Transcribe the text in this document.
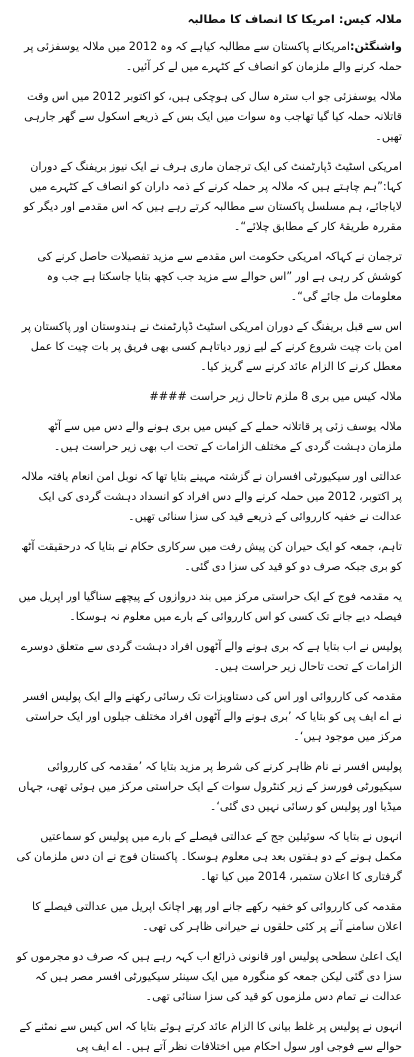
ملالہ کیس: امریکا کا انصاف کا مطالبہ

واشنگٹن:امریکانے پاکستان سے مطالبہ کیاہے کہ وہ 2012 میں ملالہ یوسفزئی پر حملہ کرنے والے ملزمان کو انصاف کے کٹہرے میں لے کر آئیں۔

ملالہ یوسفزئی جو اب سترہ سال کی ہوچکی ہیں، کو اکتوبر 2012 میں اس وقت قاتلانہ حملہ کیا گیا تھاجب وہ سوات میں ایک بس کے ذریعے اسکول سے گھر جارہی تھیں۔

امریکی اسٹیٹ ڈپارٹمنٹ کی ایک ترجمان ماری ہرف نے ایک نیوز بریفنگ کے دوران کہا:”ہم چاہتے ہیں کہ ملالہ پر حملہ کرنے کے ذمہ داران کو انصاف کے کٹہرے میں لایاجائے، ہم مسلسل پاکستان سے مطالبہ کرتے رہے ہیں کہ اس مقدمے اور دیگر کو مقررہ طریقۂ کار کے مطابق چلائے“۔

ترجمان نے کہاکہ امریکی حکومت اس مقدمے سے مزید تفصیلات حاصل کرنے کی کوشش کر رہی ہے اور ”اس حوالے سے مزید جب کچھ بتایا جاسکتا ہے جب وہ معلومات مل جائے گی“۔

اس سے قبل بریفنگ کے دوران امریکی اسٹیٹ ڈپارٹمنٹ نے ہندوستان اور پاکستان پر امن بات چیت شروع کرنے کے لیے زور دیاتاہم کسی بھی فریق پر بات چیت کا عمل معطل کرنے کا الزام عائد کرنے سے گریز کیا۔

ملالہ کیس میں بری 8 ملزم تاحال زیر حراست ####

ملالہ یوسف زئی پر قاتلانہ حملے کے کیس میں بری ہونے والے دس میں سے آٹھ ملزمان دہشت گردی کے مختلف الزامات کے تحت اب بھی زیر حراست ہیں۔

عدالتی اور سیکیورٹی افسران نے گزشتہ مہینے بتایا تھا کہ نوبل امن انعام یافتہ ملالہ پر اکتوبر، 2012 میں حملہ کرنے والے دس افراد کو انسداد دہشت گردی کی ایک عدالت نے خفیہ کارروائی کے ذریعے قید کی سزا سنائی تھیں۔

تاہم، جمعہ کو ایک حیران کن پیش رفت میں سرکاری حکام نے بتایا کہ درحقیقت آٹھ کو بری جبکہ صرف دو کو قید کی سزا دی گئی۔

یہ مقدمہ فوج کے ایک حراستی مرکز میں بند دروازوں کے پیچھے سناگیا اور اپریل میں فیصلہ دیے جانے تک کسی کو اس کارروائی کے بارے میں معلوم نہ ہوسکا۔

پولیس نے اب بتایا ہے کہ بری ہونے والے آٹھوں افراد دہشت گردی سے متعلق دوسرے الزامات کے تحت تاحال زیر حراست ہیں۔

مقدمہ کی کارروائی اور اس کی دستاویزات تک رسائی رکھنے والے ایک پولیس افسر نے اے ایف پی کو بتایا کہ ’بری ہونے والے آٹھوں افراد مختلف جیلوں اور ایک حراستی مرکز میں موجود ہیں‘۔

پولیس افسر نے نام ظاہر کرنے کی شرط پر مزید بتایا کہ ’مقدمہ کی کارروائی سیکیورٹی فورسز کے زیر کنٹرول سوات کے ایک حراستی مرکز میں ہوئی تھی، جہاں میڈیا اور پولیس کو رسائی نہیں دی گئی‘۔

انہوں نے بتایا کہ سوئیلین جج کے عدالتی فیصلے کے بارے میں پولیس کو سماعتیں مکمل ہونے کے دو ہفتوں بعد ہی معلوم ہوسکا۔ پاکستان فوج نے ان دس ملزمان کی گرفتاری کا اعلان ستمبر، 2014 میں کیا تھا۔

مقدمہ کی کارروائی کو خفیہ رکھے جانے اور پھر اچانک اپریل میں عدالتی فیصلے کا اعلان سامنے آنے پر کئی حلقوں نے حیرانی ظاہر کی تھی۔

ایک اعلیٰ سطحی پولیس اور قانونی ذرائع اب کہہ رہے ہیں کہ صرف دو مجرموں کو سزا دی گئی لیکن جمعہ کو منگورہ میں ایک سینئر سیکیورٹی افسر مصر ہیں کہ عدالت نے تمام دس ملزموں کو قید کی سزا سنائی تھی۔

انہوں نے پولیس پر غلط بیانی کا الزام عائد کرتے ہوئے بتایا کہ اس کیس سے نمٹنے کے حوالے سے فوجی اور سول احکام میں اختلافات نظر آتے ہیں۔ اے ایف پی
